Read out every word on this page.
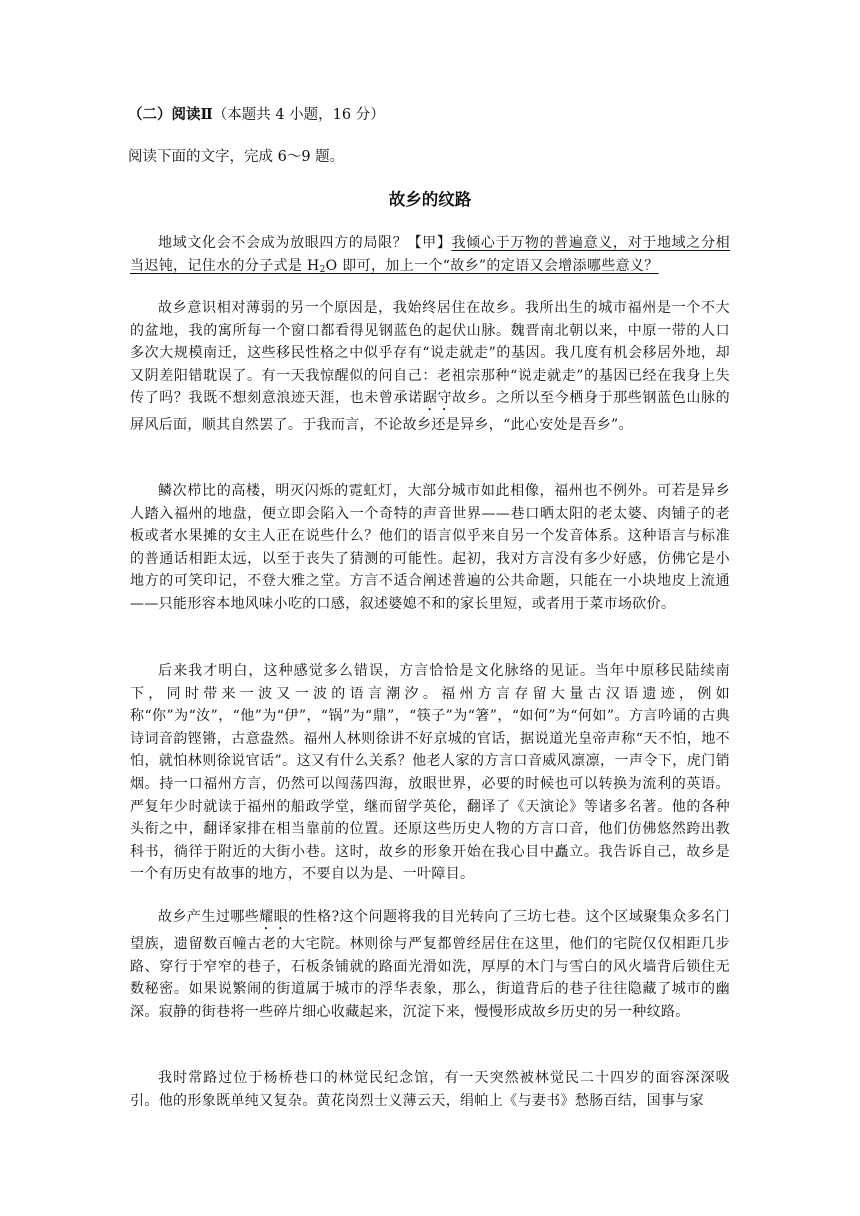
（二）阅读Ⅱ（本题共 4 小题，16 分）
阅读下面的文字，完成 6～9 题。
故乡的纹路

地域文化会不会成为放眼四方的局限？【甲】我倾心于万物的普遍意义，对于地域之分相当迟钝，记住水的分子式是 $H_2O$ 即可，加上一个“故乡”的定语又会增添哪些意义？

故乡意识相对薄弱的另一个原因是，我始终居住在故乡。我所出生的城市福州是一个不大的盆地，我的寓所每一个窗口都看得见钢蓝色的起伏山脉。魏晋南北朝以来，中原一带的人口多次大规模南迁，这些移民性格之中似乎存有“说走就走”的基因。我几度有机会移居外地，却又阴差阳错耽误了。有一天我惊醒似的问自己：老祖宗那种“说走就走”的基因已经在我身上失传了吗？我既不想刻意浪迹天涯，也未曾承诺踞守故乡。之所以至今栖身于那些钢蓝色山脉的屏风后面，顺其自然罢了。于我而言，不论故乡还是异乡，“此心安处是吾乡”。

鳞次栉比的高楼，明灭闪烁的霓虹灯，大部分城市如此相像，福州也不例外。可若是异乡人踏入福州的地盘，便立即会陷入一个奇特的声音世界——巷口晒太阳的老太婆、肉铺子的老板或者水果摊的女主人正在说些什么？他们的语言似乎来自另一个发音体系。这种语言与标准的普通话相距太远，以至于丧失了猜测的可能性。起初，我对方言没有多少好感，仿佛它是小地方的可笑印记，不登大雅之堂。方言不适合阐述普遍的公共命题，只能在一小块地皮上流通——只能形容本地风味小吃的口感，叙述婆媳不和的家长里短，或者用于菜市场砍价。

后来我才明白，这种感觉多么错误，方言恰恰是文化脉络的见证。当年中原移民陆续南下，同时带来一波又一波的语言潮汐。福州方言存留大量古汉语遗迹，例如称“你”为“汝”，“他”为“伊”，“锅”为“鼎”，“筷子”为“箸”，“如何”为“何如”。方言吟诵的古典诗词音韵铿锵，古意盎然。福州人林则徐讲不好京城的官话，据说道光皇帝声称“天不怕，地不怕，就怕林则徐说官话”。这又有什么关系？他老人家的方言口音威风凛凛，一声令下，虎门销烟。持一口福州方言，仍然可以闯荡四海，放眼世界，必要的时候也可以转换为流利的英语。严复年少时就读于福州的船政学堂，继而留学英伦，翻译了《天演论》等诸多名著。他的各种头衔之中，翻译家排在相当靠前的位置。还原这些历史人物的方言口音，他们仿佛悠然跨出教科书，徜徉于附近的大街小巷。这时，故乡的形象开始在我心目中矗立。我告诉自己，故乡是一个有历史有故事的地方，不要自以为是、一叶障目。

故乡产生过哪些耀眼的性格?这个问题将我的目光转向了三坊七巷。这个区域聚集众多名门望族，遗留数百幢古老的大宅院。林则徐与严复都曾经居住在这里，他们的宅院仅仅相距几步路、穿行于窄窄的巷子，石板条铺就的路面光滑如洗，厚厚的木门与雪白的风火墙背后锁住无数秘密。如果说繁闹的街道属于城市的浮华表象，那么，街道背后的巷子往往隐藏了城市的幽深。寂静的街巷将一些碎片细心收藏起来，沉淀下来，慢慢形成故乡历史的另一种纹路。

我时常路过位于杨桥巷口的林觉民纪念馆，有一天突然被林觉民二十四岁的面容深深吸引。他的形象既单纯又复杂。黄花岗烈士义薄云天，绢帕上《与妻书》愁肠百结，国事与家
